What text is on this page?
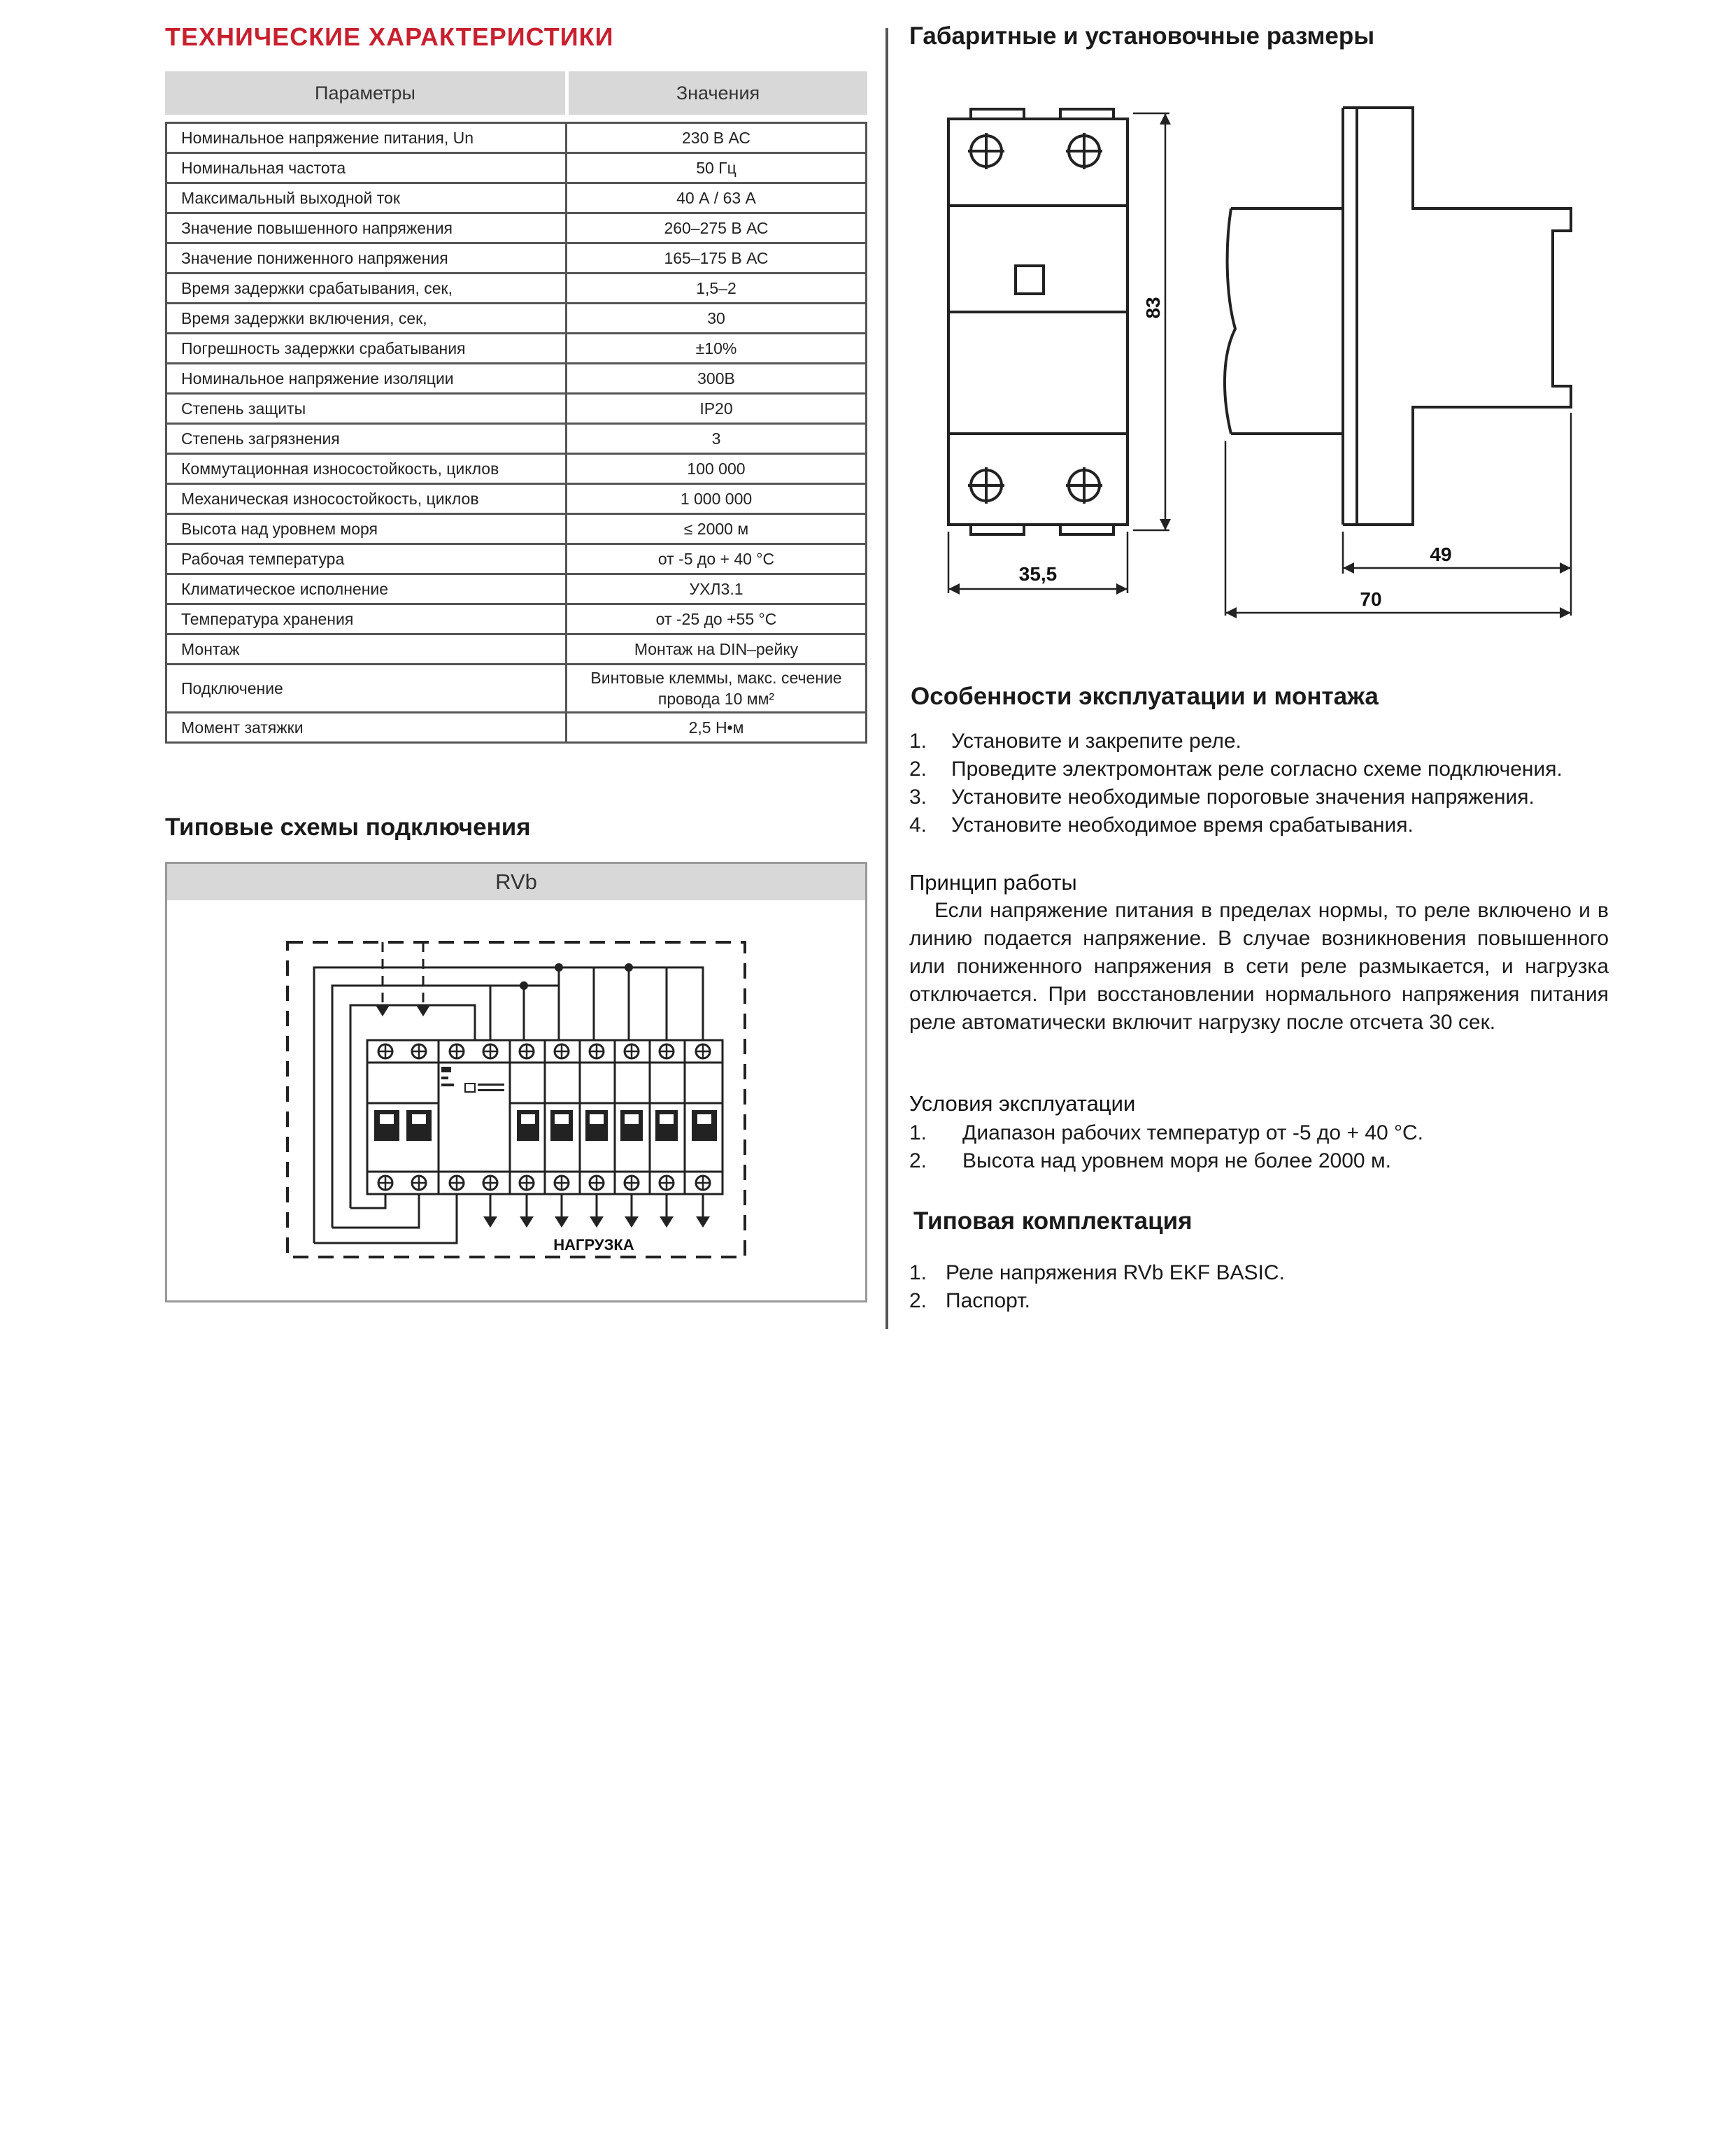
ТЕХНИЧЕСКИЕ ХАРАКТЕРИСТИКИ
Параметры	Значения
Номинальное напряжение питания, Un	230 В АС
Номинальная частота	50 Гц
Максимальный выходной ток	40 А / 63 А
Значение повышенного напряжения	260–275 В АС
Значение пониженного напряжения	165–175 В АС
Время задержки срабатывания, сек,	1,5–2
Время задержки включения, сек,	30
Погрешность задержки срабатывания	±10%
Номинальное напряжение изоляции	300В
Степень защиты	IP20
Степень загрязнения	3
Коммутационная износостойкость, циклов	100 000
Механическая износостойкость, циклов	1 000 000
Высота над уровнем моря	≤ 2000 м
Рабочая температура	от -5 до + 40 °С
Климатическое исполнение	УХЛ3.1
Температура хранения	от -25 до +55 °С
Монтаж	Монтаж на DIN–рейку
Подключение	Винтовые клеммы, макс. сечение провода 10 мм²
Момент затяжки	2,5 Н•м
Типовые схемы подключения
RVb
НАГРУЗКА
Габаритные и установочные размеры
83
35,5
49
70
Особенности эксплуатации и монтажа
1.	Установите и закрепите реле.
2.	Проведите электромонтаж реле согласно схеме подключения.
3.	Установите необходимые пороговые значения напряжения.
4.	Установите необходимое время срабатывания.
Принцип работы
Если напряжение питания в пределах нормы, то реле включено и в линию подается напряжение. В случае возникновения повышенного или пониженного напряжения в сети реле размыкается, и нагрузка отключается. При восстановлении нормального напряжения питания реле автоматически включит нагрузку после отсчета 30 сек.
Условия эксплуатации
1.	Диапазон рабочих температур от -5 до + 40 °С.
2.	Высота над уровнем моря не более 2000 м.
Типовая комплектация
1. Реле напряжения RVb EKF BASIC.
2. Паспорт.
